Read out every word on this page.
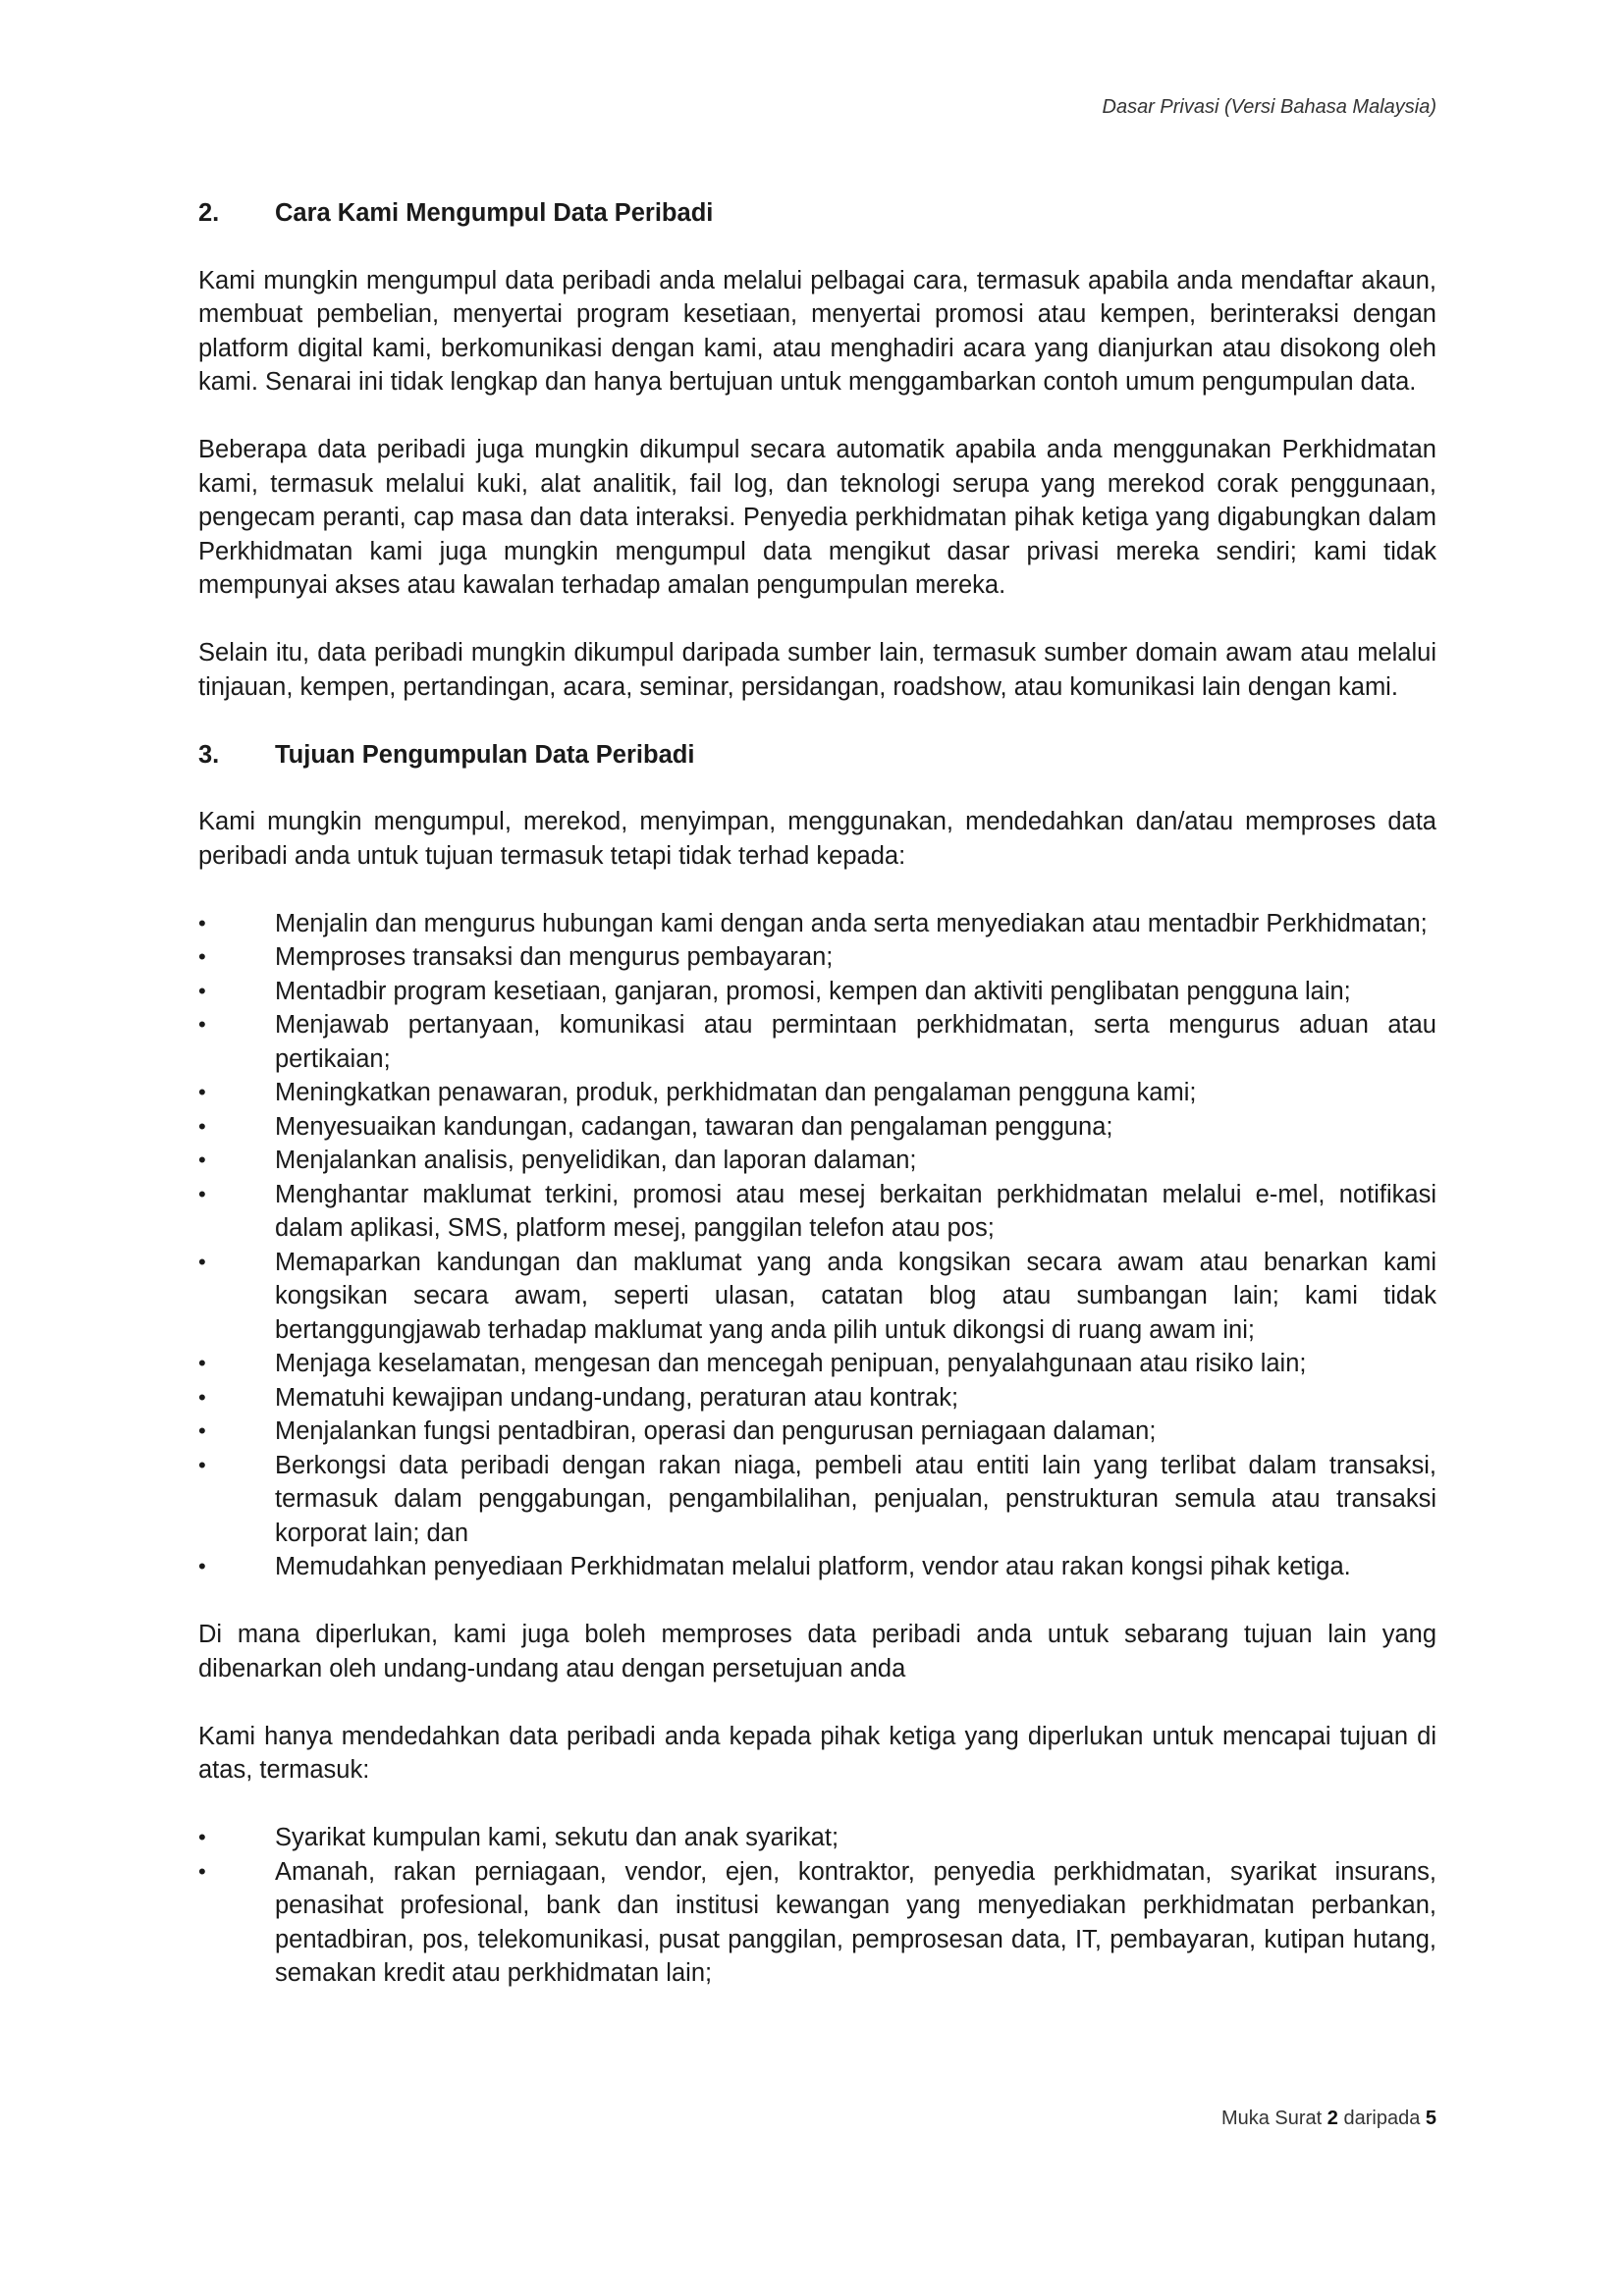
Dasar Privasi (Versi Bahasa Malaysia)
2.	Cara Kami Mengumpul Data Peribadi

Kami mungkin mengumpul data peribadi anda melalui pelbagai cara, termasuk apabila anda mendaftar akaun, membuat pembelian, menyertai program kesetiaan, menyertai promosi atau kempen, berinteraksi dengan platform digital kami, berkomunikasi dengan kami, atau menghadiri acara yang dianjurkan atau disokong oleh kami. Senarai ini tidak lengkap dan hanya bertujuan untuk menggambarkan contoh umum pengumpulan data.

Beberapa data peribadi juga mungkin dikumpul secara automatik apabila anda menggunakan Perkhidmatan kami, termasuk melalui kuki, alat analitik, fail log, dan teknologi serupa yang merekod corak penggunaan, pengecam peranti, cap masa dan data interaksi. Penyedia perkhidmatan pihak ketiga yang digabungkan dalam Perkhidmatan kami juga mungkin mengumpul data mengikut dasar privasi mereka sendiri; kami tidak mempunyai akses atau kawalan terhadap amalan pengumpulan mereka.

Selain itu, data peribadi mungkin dikumpul daripada sumber lain, termasuk sumber domain awam atau melalui tinjauan, kempen, pertandingan, acara, seminar, persidangan, roadshow, atau komunikasi lain dengan kami.

3.	Tujuan Pengumpulan Data Peribadi

Kami mungkin mengumpul, merekod, menyimpan, menggunakan, mendedahkan dan/atau memproses data peribadi anda untuk tujuan termasuk tetapi tidak terhad kepada:

•	Menjalin dan mengurus hubungan kami dengan anda serta menyediakan atau mentadbir Perkhidmatan;
•	Memproses transaksi dan mengurus pembayaran;
•	Mentadbir program kesetiaan, ganjaran, promosi, kempen dan aktiviti penglibatan pengguna lain;
•	Menjawab pertanyaan, komunikasi atau permintaan perkhidmatan, serta mengurus aduan atau pertikaian;
•	Meningkatkan penawaran, produk, perkhidmatan dan pengalaman pengguna kami;
•	Menyesuaikan kandungan, cadangan, tawaran dan pengalaman pengguna;
•	Menjalankan analisis, penyelidikan, dan laporan dalaman;
•	Menghantar maklumat terkini, promosi atau mesej berkaitan perkhidmatan melalui e-mel, notifikasi dalam aplikasi, SMS, platform mesej, panggilan telefon atau pos;
•	Memaparkan kandungan dan maklumat yang anda kongsikan secara awam atau benarkan kami kongsikan secara awam, seperti ulasan, catatan blog atau sumbangan lain; kami tidak bertanggungjawab terhadap maklumat yang anda pilih untuk dikongsi di ruang awam ini;
•	Menjaga keselamatan, mengesan dan mencegah penipuan, penyalahgunaan atau risiko lain;
•	Mematuhi kewajipan undang-undang, peraturan atau kontrak;
•	Menjalankan fungsi pentadbiran, operasi dan pengurusan perniagaan dalaman;
•	Berkongsi data peribadi dengan rakan niaga, pembeli atau entiti lain yang terlibat dalam transaksi, termasuk dalam penggabungan, pengambilalihan, penjualan, penstrukturan semula atau transaksi korporat lain; dan
•	Memudahkan penyediaan Perkhidmatan melalui platform, vendor atau rakan kongsi pihak ketiga.

Di mana diperlukan, kami juga boleh memproses data peribadi anda untuk sebarang tujuan lain yang dibenarkan oleh undang-undang atau dengan persetujuan anda

Kami hanya mendedahkan data peribadi anda kepada pihak ketiga yang diperlukan untuk mencapai tujuan di atas, termasuk:

•	Syarikat kumpulan kami, sekutu dan anak syarikat;
•	Amanah, rakan perniagaan, vendor, ejen, kontraktor, penyedia perkhidmatan, syarikat insurans, penasihat profesional, bank dan institusi kewangan yang menyediakan perkhidmatan perbankan, pentadbiran, pos, telekomunikasi, pusat panggilan, pemprosesan data, IT, pembayaran, kutipan hutang, semakan kredit atau perkhidmatan lain;
Muka Surat 2 daripada 5
